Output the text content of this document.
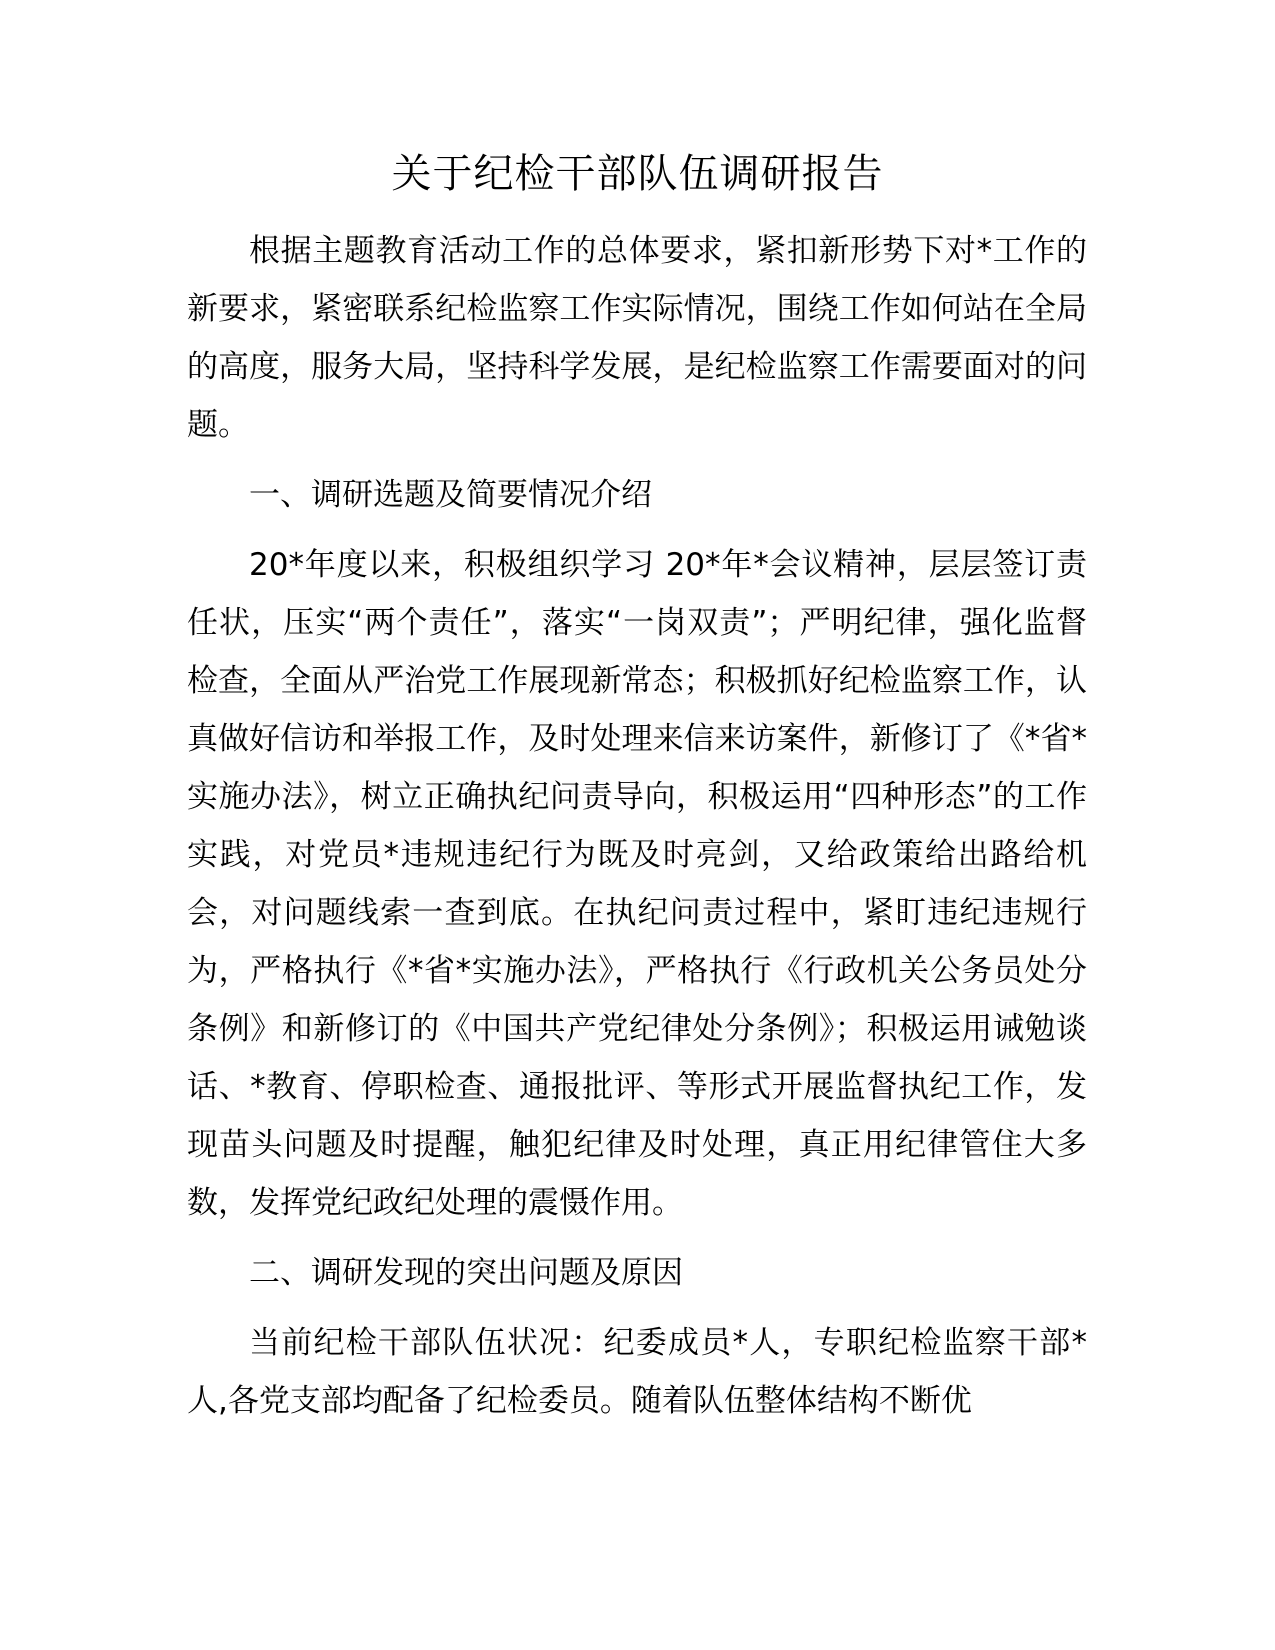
关于纪检干部队伍调研报告

根据主题教育活动工作的总体要求，紧扣新形势下对*工作的新要求，紧密联系纪检监察工作实际情况，围绕工作如何站在全局的高度，服务大局，坚持科学发展，是纪检监察工作需要面对的问题。

一、调研选题及简要情况介绍

20*年度以来，积极组织学习 20*年*会议精神，层层签订责任状，压实“两个责任”，落实“一岗双责”；严明纪律，强化监督检查，全面从严治党工作展现新常态；积极抓好纪检监察工作，认真做好信访和举报工作，及时处理来信来访案件，新修订了《*省*实施办法》，树立正确执纪问责导向，积极运用“四种形态”的工作实践，对党员*违规违纪行为既及时亮剑，又给政策给出路给机会，对问题线索一查到底。在执纪问责过程中，紧盯违纪违规行为，严格执行《*省*实施办法》，严格执行《行政机关公务员处分条例》和新修订的《中国共产党纪律处分条例》；积极运用诫勉谈话、*教育、停职检查、通报批评、等形式开展监督执纪工作，发现苗头问题及时提醒，触犯纪律及时处理，真正用纪律管住大多数，发挥党纪政纪处理的震慑作用。

二、调研发现的突出问题及原因

当前纪检干部队伍状况：纪委成员*人，专职纪检监察干部*人,各党支部均配备了纪检委员。随着队伍整体结构不断优
